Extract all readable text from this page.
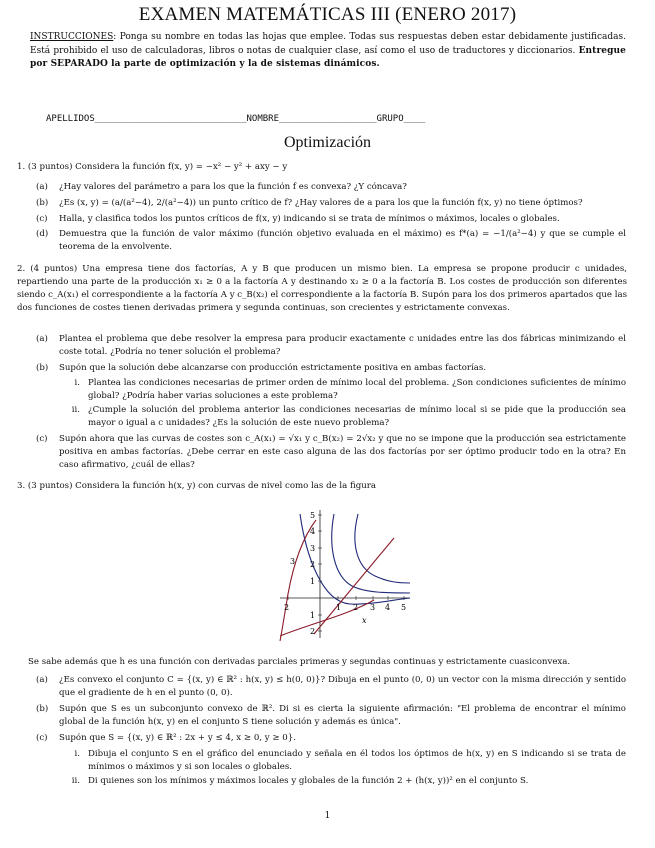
EXAMEN MATEMÁTICAS III (ENERO 2017)
INSTRUCCIONES: Ponga su nombre en todas las hojas que emplee. Todas sus respuestas deben estar debidamente justificadas. Está prohibido el uso de calculadoras, libros o notas de cualquier clase, así como el uso de traductores y diccionarios. Entregue por SEPARADO la parte de optimización y la de sistemas dinámicos.
APELLIDOS____________________________NOMBRE__________________GRUPO____
Optimización
1. (3 puntos) Considera la función f(x, y) = −x² − y² + axy − y
(a) ¿Hay valores del parámetro a para los que la función f es convexa? ¿Y cóncava?
(b) ¿Es (x, y) = (a/(a²−4), 2/(a²−4)) un punto crítico de f? ¿Hay valores de a para los que la función f(x, y) no tiene óptimos?
(c) Halla, y clasifica todos los puntos críticos de f(x, y) indicando si se trata de mínimos o máximos, locales o globales.
(d) Demuestra que la función de valor máximo (función objetivo evaluada en el máximo) es f*(a) = −1/(a²−4) y que se cumple el teorema de la envolvente.
2. (4 puntos) Una empresa tiene dos factorías, A y B que producen un mismo bien. La empresa se propone producir c unidades, repartiendo una parte de la producción x₁ ≥ 0 a la factoría A y destinando x₂ ≥ 0 a la factoría B. Los costes de producción son diferentes siendo c_A(x₁) el correspondiente a la factoría A y c_B(x₂) el correspondiente a la factoría B. Supón para los dos primeros apartados que las dos funciones de costes tienen derivadas primera y segunda continuas, son crecientes y estrictamente convexas.
(a) Plantea el problema que debe resolver la empresa para producir exactamente c unidades entre las dos fábricas minimizando el coste total. ¿Podría no tener solución el problema?
(b) Supón que la solución debe alcanzarse con producción estrictamente positiva en ambas factorías.
i. Plantea las condiciones necesarias de primer orden de mínimo local del problema. ¿Son condiciones suficientes de mínimo global? ¿Podría haber varias soluciones a este problema?
ii. ¿Cumple la solución del problema anterior las condiciones necesarias de mínimo local si se pide que la producción sea mayor o igual a c unidades? ¿Es la solución de este nuevo problema?
(c) Supón ahora que las curvas de costes son c_A(x₁) = √x₁ y c_B(x₂) = 2√x₂ y que no se impone que la producción sea estrictamente positiva en ambas factorías. ¿Debe cerrar en este caso alguna de las dos factorías por ser óptimo producir todo en la otra? En caso afirmativo, ¿cuál de ellas?
3. (3 puntos) Considera la función h(x, y) con curvas de nivel como las de la figura
2	1 2 3 4 5
5
4
3
2
1
1
2
x
3
Se sabe además que h es una función con derivadas parciales primeras y segundas continuas y estrictamente cuasiconvexa.
(a) ¿Es convexo el conjunto C = {(x, y) ∈ ℝ² : h(x, y) ≤ h(0, 0)}? Dibuja en el punto (0, 0) un vector con la misma dirección y sentido que el gradiente de h en el punto (0, 0).
(b) Supón que S es un subconjunto convexo de ℝ². Di si es cierta la siguiente afirmación: "El problema de encontrar el mínimo global de la función h(x, y) en el conjunto S tiene solución y además es única".
(c) Supón que S = {(x, y) ∈ ℝ² : 2x + y ≤ 4, x ≥ 0, y ≥ 0}.
i. Dibuja el conjunto S en el gráfico del enunciado y señala en él todos los óptimos de h(x, y) en S indicando si se trata de mínimos o máximos y si son locales o globales.
ii. Di quienes son los mínimos y máximos locales y globales de la función 2 + (h(x, y))² en el conjunto S.
1
